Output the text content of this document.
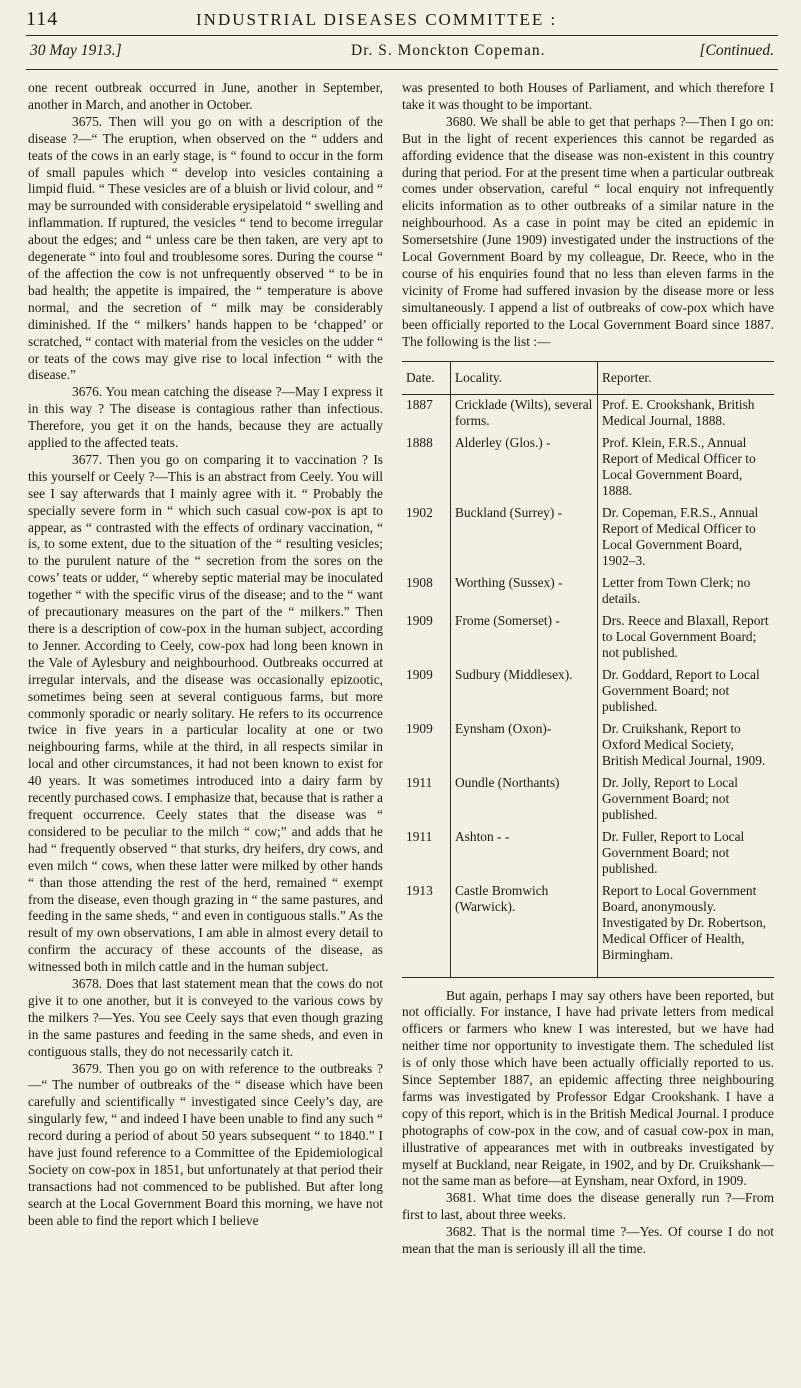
114	INDUSTRIAL DISEASES COMMITTEE :
30 May 1913.]	Dr. S. Monckton Copeman.	[Continued.

one recent outbreak occurred in June, another in September, another in March, and another in October.

3675. Then will you go on with a description of the disease ?—“ The eruption, when observed on the “ udders and teats of the cows in an early stage, is “ found to occur in the form of small papules which “ develop into vesicles containing a limpid fluid. “ These vesicles are of a bluish or livid colour, and “ may be surrounded with considerable erysipelatoid “ swelling and inflammation. If ruptured, the vesicles “ tend to become irregular about the edges; and “ unless care be then taken, are very apt to degenerate “ into foul and troublesome sores. During the course “ of the affection the cow is not unfrequently observed “ to be in bad health; the appetite is impaired, the “ temperature is above normal, and the secretion of “ milk may be considerably diminished. If the “ milkers’ hands happen to be ‘chapped’ or scratched, “ contact with material from the vesicles on the udder “ or teats of the cows may give rise to local infection “ with the disease.”

3676. You mean catching the disease ?—May I express it in this way ? The disease is contagious rather than infectious. Therefore, you get it on the hands, because they are actually applied to the affected teats.

3677. Then you go on comparing it to vaccination ? Is this yourself or Ceely ?—This is an abstract from Ceely. You will see I say afterwards that I mainly agree with it. “ Probably the specially severe form in “ which such casual cow-pox is apt to appear, as “ contrasted with the effects of ordinary vaccination, “ is, to some extent, due to the situation of the “ resulting vesicles; to the purulent nature of the “ secretion from the sores on the cows’ teats or udder, “ whereby septic material may be inoculated together “ with the specific virus of the disease; and to the “ want of precautionary measures on the part of the “ milkers.” Then there is a description of cow-pox in the human subject, according to Jenner. According to Ceely, cow-pox had long been known in the Vale of Aylesbury and neighbourhood. Outbreaks occurred at irregular intervals, and the disease was occasionally epizootic, sometimes being seen at several contiguous farms, but more commonly sporadic or nearly solitary. He refers to its occurrence twice in five years in a particular locality at one or two neighbouring farms, while at the third, in all respects similar in local and other circumstances, it had not been known to exist for 40 years. It was sometimes introduced into a dairy farm by recently purchased cows. I emphasize that, because that is rather a frequent occurrence. Ceely states that the disease was “ considered to be peculiar to the milch “ cow;” and adds that he had “ frequently observed “ that sturks, dry heifers, dry cows, and even milch “ cows, when these latter were milked by other hands “ than those attending the rest of the herd, remained “ exempt from the disease, even though grazing in “ the same pastures, and feeding in the same sheds, “ and even in contiguous stalls.” As the result of my own observations, I am able in almost every detail to confirm the accuracy of these accounts of the disease, as witnessed both in milch cattle and in the human subject.

3678. Does that last statement mean that the cows do not give it to one another, but it is conveyed to the various cows by the milkers ?—Yes. You see Ceely says that even though grazing in the same pastures and feeding in the same sheds, and even in contiguous stalls, they do not necessarily catch it.

3679. Then you go on with reference to the outbreaks ?—“ The number of outbreaks of the “ disease which have been carefully and scientifically “ investigated since Ceely’s day, are singularly few, “ and indeed I have been unable to find any such “ record during a period of about 50 years subsequent “ to 1840.” I have just found reference to a Committee of the Epidemiological Society on cow-pox in 1851, but unfortunately at that period their transactions had not commenced to be published. But after long search at the Local Government Board this morning, we have not been able to find the report which I believe

was presented to both Houses of Parliament, and which therefore I take it was thought to be important.

3680. We shall be able to get that perhaps ?—Then I go on: But in the light of recent experiences this cannot be regarded as affording evidence that the disease was non-existent in this country during that period. For at the present time when a particular outbreak comes under observation, careful “ local enquiry not infrequently elicits information as to other outbreaks of a similar nature in the neighbourhood. As a case in point may be cited an epidemic in Somersetshire (June 1909) investigated under the instructions of the Local Government Board by my colleague, Dr. Reece, who in the course of his enquiries found that no less than eleven farms in the vicinity of Frome had suffered invasion by the disease more or less simultaneously. I append a list of outbreaks of cow-pox which have been officially reported to the Local Government Board since 1887. The following is the list :—

Date.	Locality.	Reporter.
1887	Cricklade (Wilts), several forms.	Prof. E. Crookshank, British Medical Journal, 1888.
1888	Alderley (Glos.) -	Prof. Klein, F.R.S., Annual Report of Medical Officer to Local Government Board, 1888.
1902	Buckland (Surrey) -	Dr. Copeman, F.R.S., Annual Report of Medical Officer to Local Government Board, 1902–3.
1908	Worthing (Sussex) -	Letter from Town Clerk; no details.
1909	Frome (Somerset) -	Drs. Reece and Blaxall, Report to Local Government Board; not published.
1909	Sudbury (Middlesex).	Dr. Goddard, Report to Local Government Board; not published.
1909	Eynsham (Oxon)-	Dr. Cruikshank, Report to Oxford Medical Society, British Medical Journal, 1909.
1911	Oundle (Northants)	Dr. Jolly, Report to Local Government Board; not published.
1911	Ashton - -	Dr. Fuller, Report to Local Government Board; not published.
1913	Castle Bromwich (Warwick).	Report to Local Government Board, anonymously. Investigated by Dr. Robertson, Medical Officer of Health, Birmingham.

But again, perhaps I may say others have been reported, but not officially. For instance, I have had private letters from medical officers or farmers who knew I was interested, but we have had neither time nor opportunity to investigate them. The scheduled list is of only those which have been actually officially reported to us. Since September 1887, an epidemic affecting three neighbouring farms was investigated by Professor Edgar Crookshank. I have a copy of this report, which is in the British Medical Journal. I produce photographs of cow-pox in the cow, and of casual cow-pox in man, illustrative of appearances met with in outbreaks investigated by myself at Buckland, near Reigate, in 1902, and by Dr. Cruikshank—not the same man as before—at Eynsham, near Oxford, in 1909.

3681. What time does the disease generally run ?—From first to last, about three weeks.

3682. That is the normal time ?—Yes. Of course I do not mean that the man is seriously ill all the time.
